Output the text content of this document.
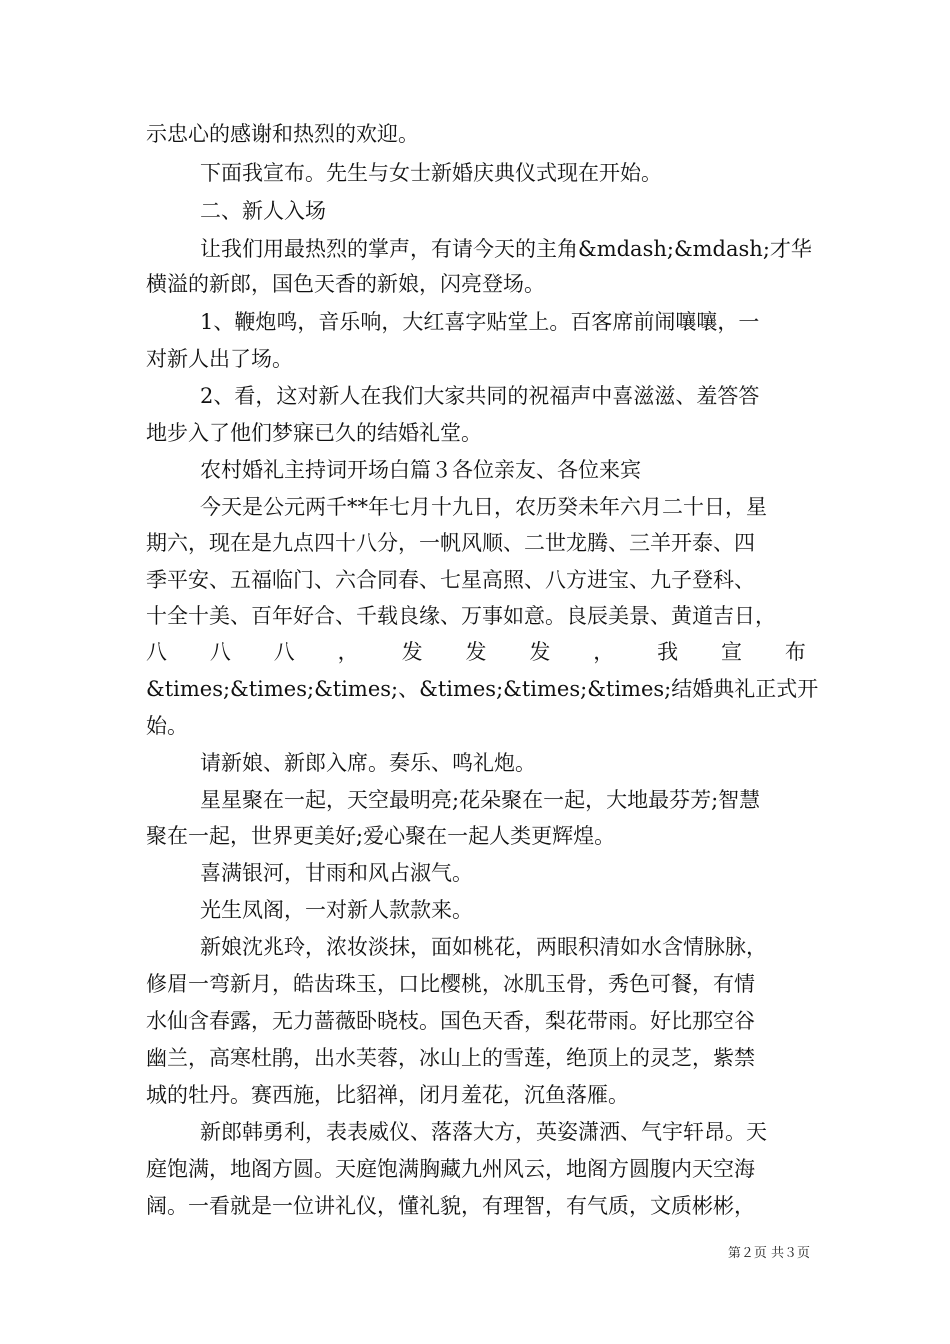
示忠心的感谢和热烈的欢迎。
下面我宣布。先生与女士新婚庆典仪式现在开始。
二、新人入场
让我们用最热烈的掌声，有请今天的主角&mdash;&mdash;才华
横溢的新郎，国色天香的新娘，闪亮登场。
1、鞭炮鸣，音乐响，大红喜字贴堂上。百客席前闹嚷嚷，一
对新人出了场。
2、看，这对新人在我们大家共同的祝福声中喜滋滋、羞答答
地步入了他们梦寐已久的结婚礼堂。
农村婚礼主持词开场白篇３各位亲友、各位来宾
今天是公元两千**年七月十九日，农历癸未年六月二十日，星
期六，现在是九点四十八分，一帆风顺、二世龙腾、三羊开泰、四
季平安、五福临门、六合同春、七星高照、八方进宝、九子登科、
十全十美、百年好合、千载良缘、万事如意。良辰美景、黄道吉日，
八 八 八 ， 发 发 发 ， 我 宣 布
&times;&times;&times;、&times;&times;&times;结婚典礼正式开
始。
请新娘、新郎入席。奏乐、鸣礼炮。
星星聚在一起，天空最明亮;花朵聚在一起，大地最芬芳;智慧
聚在一起，世界更美好;爱心聚在一起人类更辉煌。
喜满银河，甘雨和风占淑气。
光生凤阁，一对新人款款来。
新娘沈兆玲，浓妆淡抹，面如桃花，两眼积清如水含情脉脉，
修眉一弯新月，皓齿珠玉，口比樱桃，冰肌玉骨，秀色可餐，有情
水仙含春露，无力蔷薇卧晓枝。国色天香，梨花带雨。好比那空谷
幽兰，高寒杜鹃，出水芙蓉，冰山上的雪莲，绝顶上的灵芝，紫禁
城的牡丹。赛西施，比貂禅，闭月羞花，沉鱼落雁。
新郎韩勇利，表表威仪、落落大方，英姿潇洒、气宇轩昂。天
庭饱满，地阁方圆。天庭饱满胸藏九州风云，地阁方圆腹内天空海
阔。一看就是一位讲礼仪，懂礼貌，有理智，有气质，文质彬彬，
第２页 共３页
